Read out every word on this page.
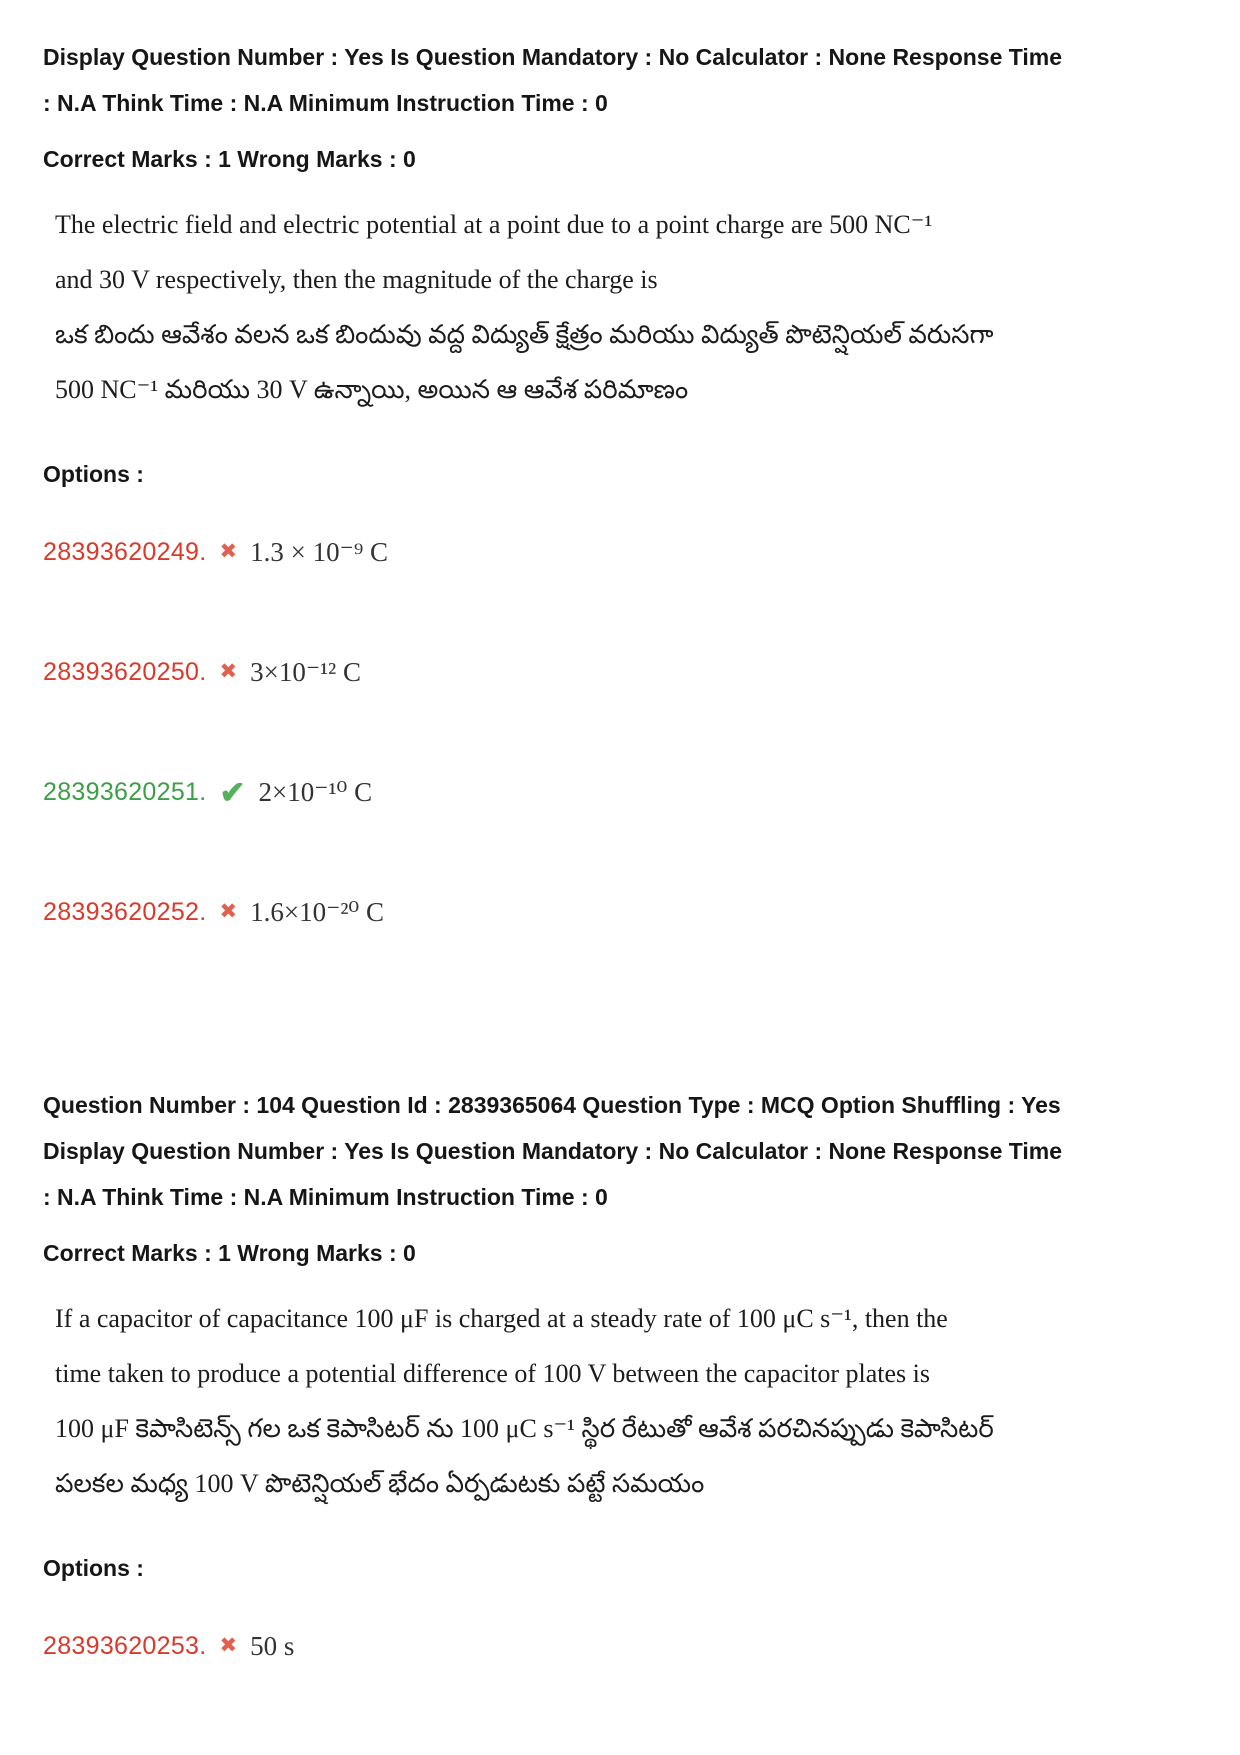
Display Question Number : Yes Is Question Mandatory : No Calculator : None Response Time
: N.A Think Time : N.A Minimum Instruction Time : 0
Correct Marks : 1 Wrong Marks : 0
The electric field and electric potential at a point due to a point charge are 500 NC⁻¹
and 30 V respectively, then the magnitude of the charge is
ఒక బిందు ఆవేశం వలన ఒక బిందువు వద్ద విద్యుత్ క్షేత్రం మరియు విద్యుత్ పొటెన్షియల్ వరుసగా
500 NC⁻¹ మరియు 30 V ఉన్నాయి, అయిన ఆ ఆవేశ పరిమాణం
Options :
28393620249. ✖ 1.3 × 10⁻⁹ C
28393620250. ✖ 3×10⁻¹² C
28393620251. ✔ 2×10⁻¹⁰ C
28393620252. ✖ 1.6×10⁻²⁰ C
Question Number : 104 Question Id : 2839365064 Question Type : MCQ Option Shuffling : Yes
Display Question Number : Yes Is Question Mandatory : No Calculator : None Response Time
: N.A Think Time : N.A Minimum Instruction Time : 0
Correct Marks : 1 Wrong Marks : 0
If a capacitor of capacitance 100 μF is charged at a steady rate of 100 μC s⁻¹, then the
time taken to produce a potential difference of 100 V between the capacitor plates is
100 μF కెపాసిటెన్స్ గల ఒక కెపాసిటర్ ను 100 μC s⁻¹ స్థిర రేటుతో ఆవేశ పరచినప్పుడు కెపాసిటర్
పలకల మధ్య 100 V పొటెన్షియల్ భేదం ఏర్పడుటకు పట్టే సమయం
Options :
28393620253. ✖ 50 s
